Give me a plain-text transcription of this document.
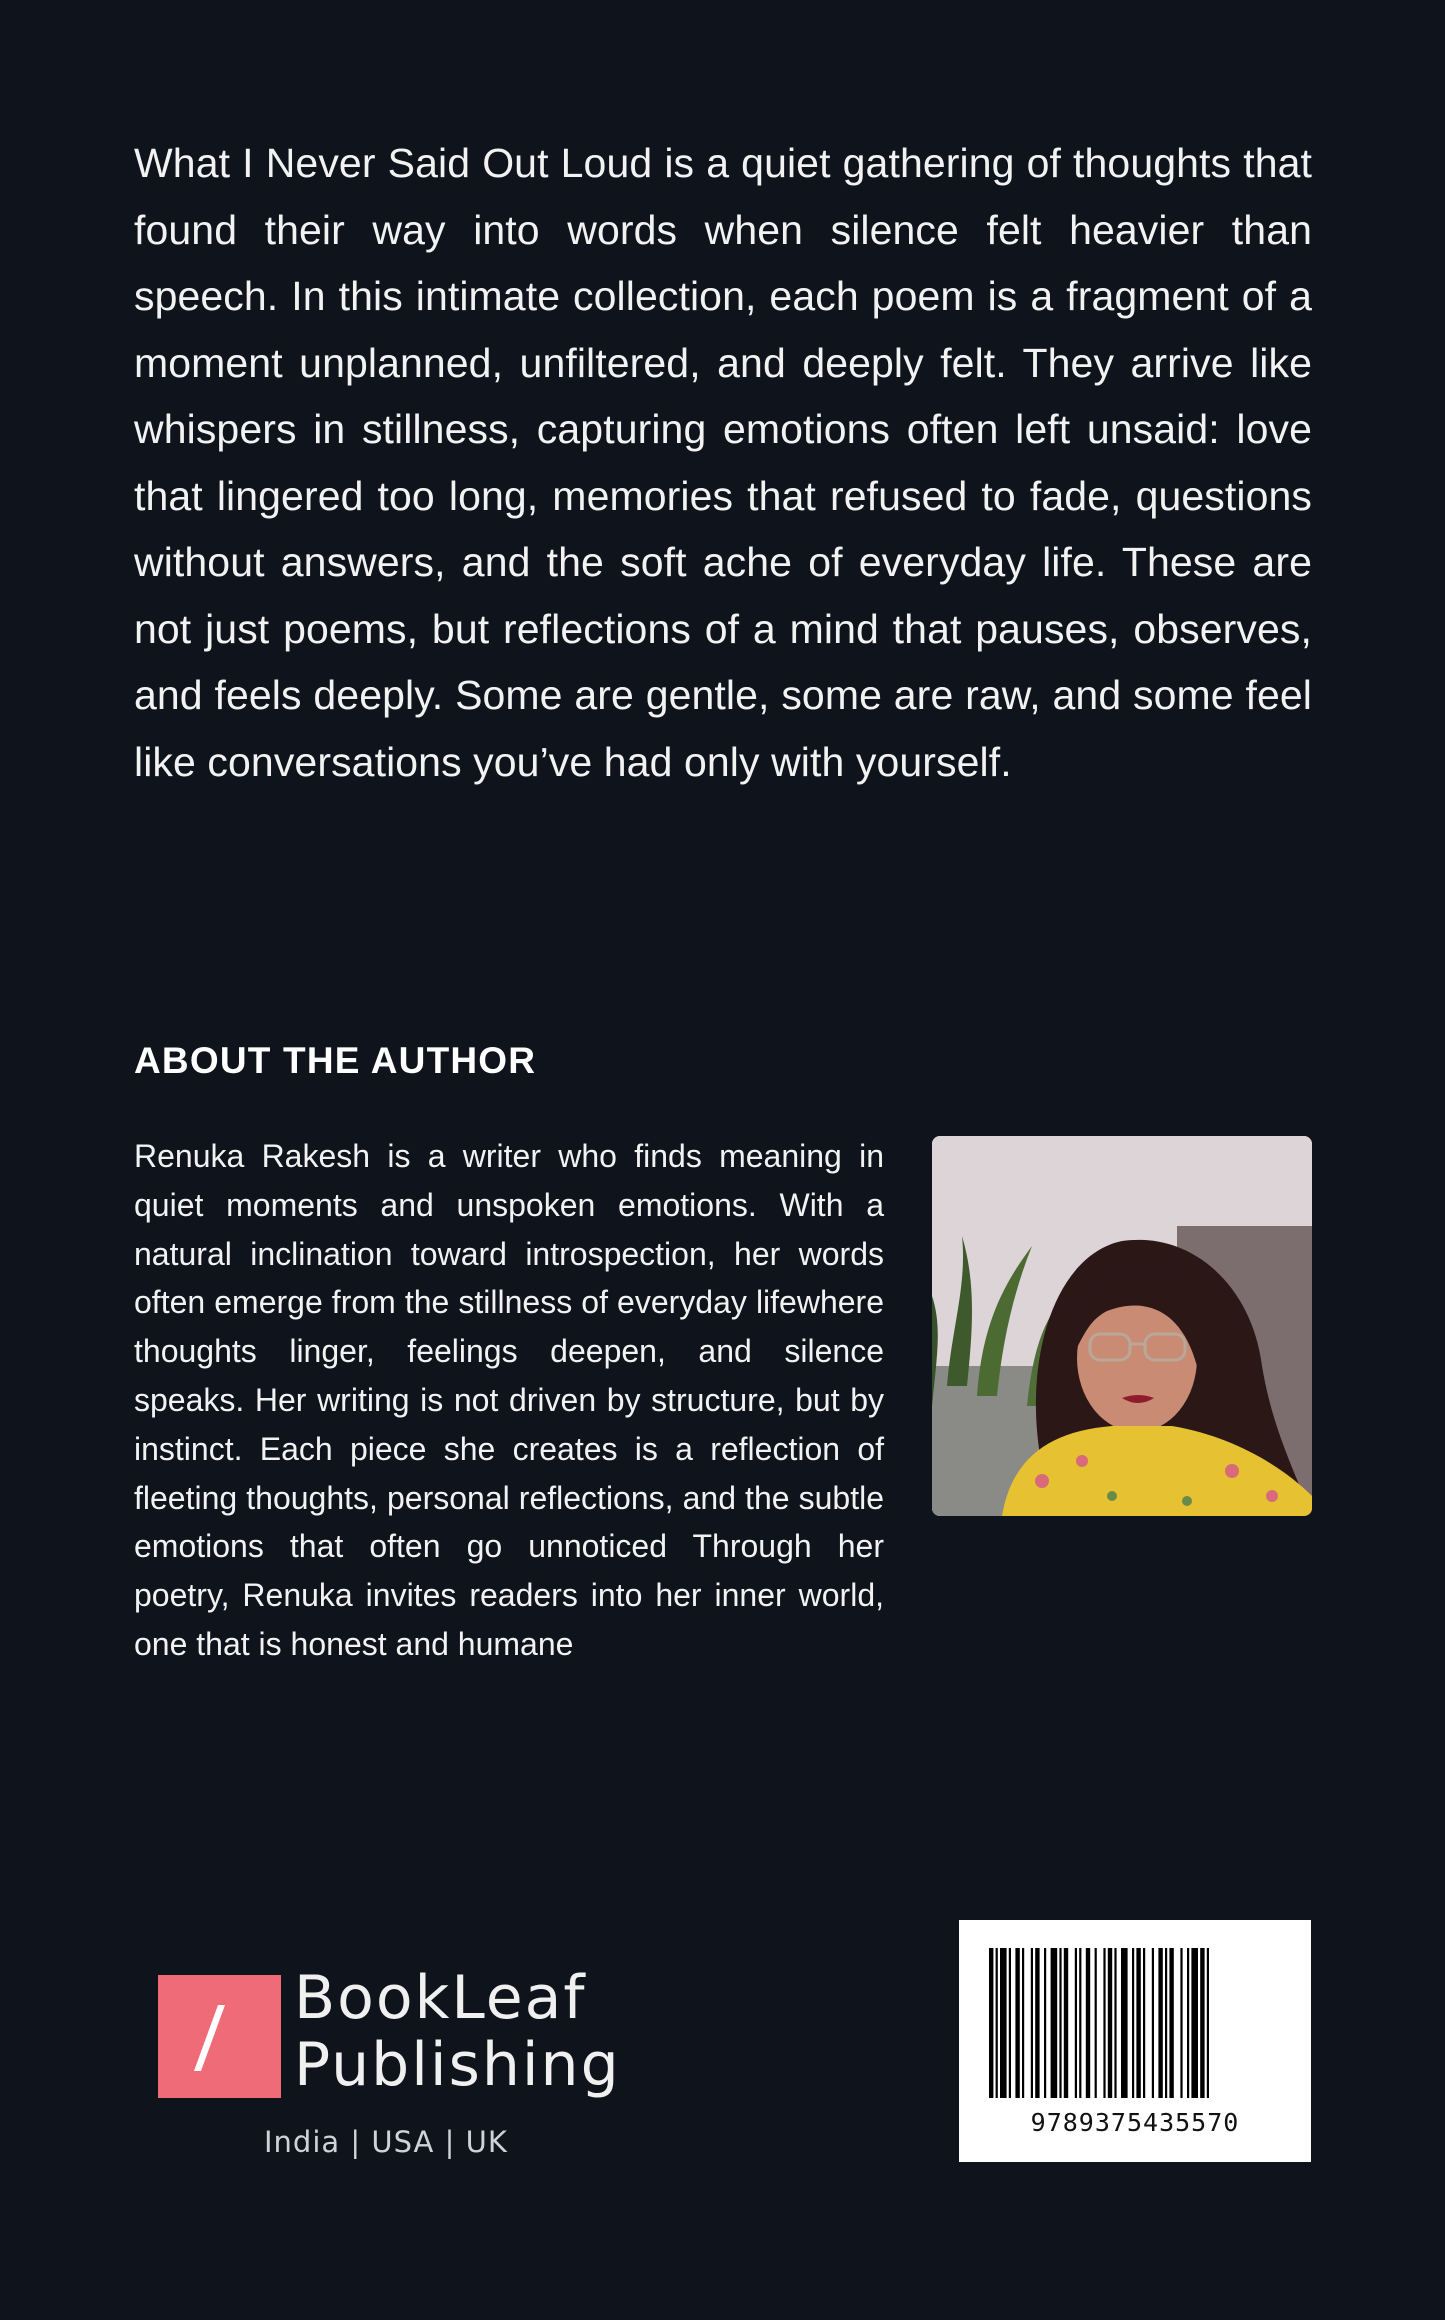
What I Never Said Out Loud is a quiet gathering of thoughts that found their way into words when silence felt heavier than speech. In this intimate collection, each poem is a fragment of a moment unplanned, unfiltered, and deeply felt. They arrive like whispers in stillness, capturing emotions often left unsaid: love that lingered too long, memories that refused to fade, questions without answers, and the soft ache of everyday life. These are not just poems, but reflections of a mind that pauses, observes, and feels deeply. Some are gentle, some are raw, and some feel like conversations you’ve had only with yourself.

ABOUT THE AUTHOR

Renuka Rakesh is a writer who finds meaning in quiet moments and unspoken emotions. With a natural inclination toward introspection, her words often emerge from the stillness of everyday lifewhere thoughts linger, feelings deepen, and silence speaks. Her writing is not driven by structure, but by instinct. Each piece she creates is a reflection of fleeting thoughts, personal reflections, and the subtle emotions that often go unnoticed Through her poetry, Renuka invites readers into her inner world, one that is honest and humane

BookLeaf

Publishing

India | USA | UK

9789375435570
